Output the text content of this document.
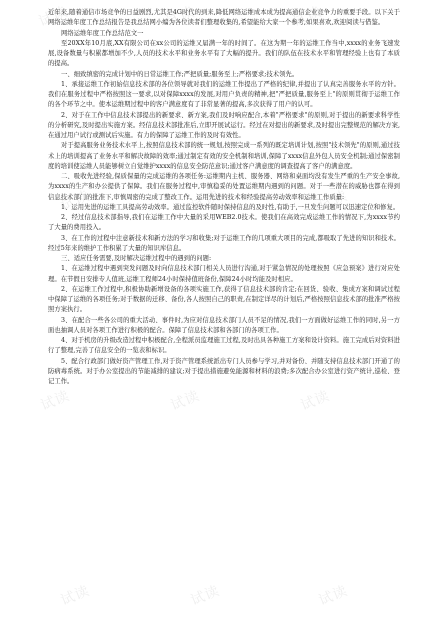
近年来,随着通信市场竞争的日益剧烈,尤其是4G时代的到来,降低网络运维成本成为提高通信企业竞争力的重要手段。以下关于网络运维年度工作总结报告是我总结网小编为各位读者们整理收集的,希望能给大家一个参考,如果喜欢,欢迎阅读与借鉴。

网络运维年度工作总结范文一

至20XX年10月底,XX有限公司在xx公司的运维又届满一年的时间了。在这为期一年的运维工作当中,xxxx的业务飞速发展,设备数量与积累都增加不少,人员的技术水平和业务水平有了大幅的提升。我们的队伍在技术水平和管理经验上也有了本质的提高。

一、细致缜密的完成计划中的日常运维工作;严把质量;服务至上;严格要求;技术领先。

1、承接运维工作初始信息技术部的各位领导就对我们的运维工作提出了严格的纪律,并提出了认真完善服务水平的方针。我们在服务过程中严格按照这一要求,以对保障xxxx的发展,对用户负责的精神,把"严把质量,服务至上"的原则贯彻于运维工作的各个环节之中。使本运维期过程中的客户满意度有了非常显著的提高,多次获得了用户的认可。

2、对于在工作中信息技术部提出的新要求、新方案,我们及时响应配合,本着"严格要求"的原则,对于提出的新要求科学性的分析研究,及时提出实施方案。经信息技术部批准后,立即开展试运行。经过在对提出的新要求,及时提出完整规范的解决方案,在通过用户试行或测试后实施。有力的保障了运维工作的及时有效性。

对于提高服务业务技术水平上,按照信息技术部的统一规划,按照完成一系列的既定培训计划,按照"技术领先"的原则,通过技术上的培训提高了业务水平和解决故障的效率;通过制定有效的安全机制和培训,保障了xxxx信息外包人员安全机制;通过保密制度的培训使运维人员能够树立自觉维护xxxx的信息安全防范意识;通过客户满意度的调查提高了客户的满意度。

二、吸收先进经验,保质保量的完成运维的各项任务:运维期内主机、服务器、网络和桌面均没有发生严重的生产安全事故,为xxxx的生产和办公提供了保障。我们在服务过程中,审慎稳妥的处置运维期内遇到的问题。对于一些潜在的威胁也都在得到信息技术部门的批准下,审慎周密的完成了整改工作。运用先进的技术和经验提高劳动效率和运维工作质量:

1、运用先进的运维工具提高劳动效率。通过监控软件随时保持信息的及时性,有助于,一旦发生问题可以迅速定位和修复。

2、经过信息技术部指导,我们在运维工作中大量的采用WEB2.0技术。使我们在高效完成运维工作的情况下,为xxxx节约了大量的费用投入。

3、在工作的过程中注意新技术和新方法的学习和收集;对于运维工作的几项重大项目的完成,都吸取了先进的知识和技术。经过5年来的维护工作积累了大量的知识库信息。

三、适应任务需要,及时解决运维过程中的遇到的问题:

1、在运维过程中遇到突发问题及时向信息技术部门相关人员进行沟通,对于紧急情况的处理按照《应急预案》进行对应处理。在节假日安排专人值班,运维工程师24小时保持值班备份,保障24小时均能及时相应。

2、在运维工作过程中,积极协助新增设备的各项实施工作,获得了信息技术部的肯定;在回货、验收、集成方案和调试过程中保障了运维的各项任务;对于数据的迁移、备份,各人按照自己的职责,在制定详尽的计划后,严格按照信息技术部的批准严格按照方案执行。

3、在配合一些各公司的重大活动、事件时,为应对信息技术部门人员不足的情况,我们一方面做好运维工作的同时,另一方面也抽调人员对各项工作进行积极的配合。保障了信息技术部和各部门的各项工作。

4、对于机房的升级改造过程中积极配合,全程派员监理施工过程,及时出具各种施工方案和设计资料。施工完成后对资料进行了整理,完善了信息安全的一览表和标识。

5、配合行政部门做好资产管理工作,对于资产管理系统派出专门人员参与学习,并对备份、并随支持信息技术部门开通了的防病毒系统。对于办公室提出的节能减排的建议;对于提出措施避免能源和材料的浪费;多次配合办公室进行资产统计,巡检、登记工作。

试读	试读	试读
试读	试读	试读
试读	试读	试读
试读	试读	试读
